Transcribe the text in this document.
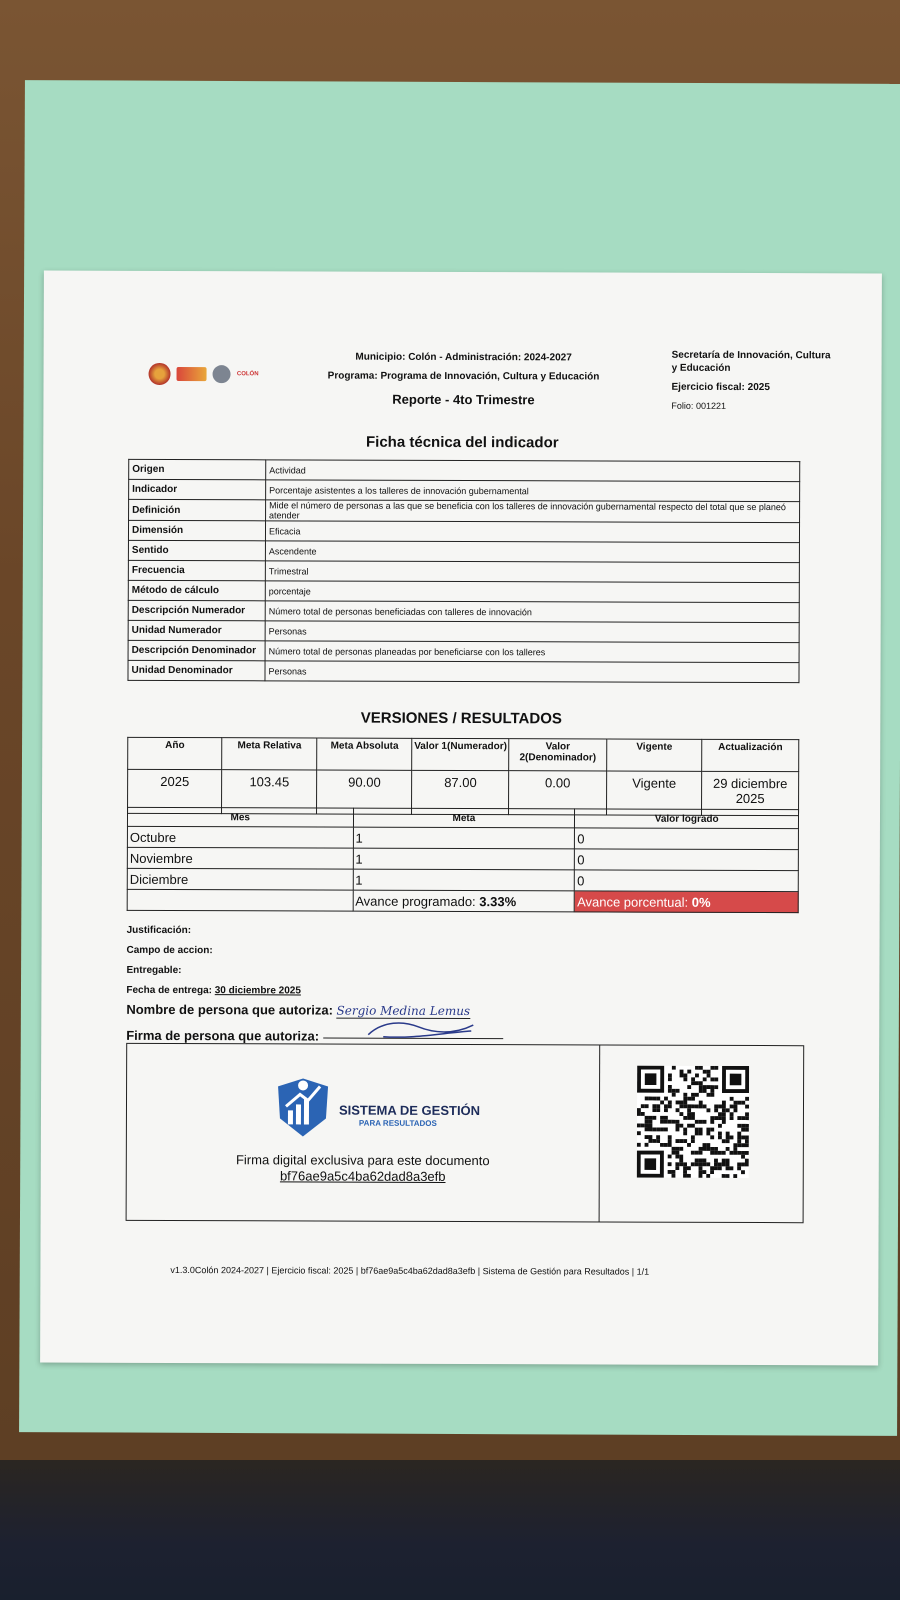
COLÓN
Municipio: Colón - Administración: 2024-2027
Programa: Programa de Innovación, Cultura y Educación
Reporte - 4to Trimestre
Secretaría de Innovación, Cultura y Educación
Ejercicio fiscal: 2025
Folio: 001221
Ficha técnica del indicador
Origen	Actividad
Indicador	Porcentaje asistentes a los talleres de innovación gubernamental
Definición	Mide el número de personas a las que se beneficia con los talleres de innovación gubernamental respecto del total que se planeó atender
Dimensión	Eficacia
Sentido	Ascendente
Frecuencia	Trimestral
Método de cálculo	porcentaje
Descripción Numerador	Número total de personas beneficiadas con talleres de innovación
Unidad Numerador	Personas
Descripción Denominador	Número total de personas planeadas por beneficiarse con los talleres
Unidad Denominador	Personas
VERSIONES / RESULTADOS
Año	Meta Relativa	Meta Absoluta	Valor 1(Numerador)	Valor 2(Denominador)	Vigente	Actualización
2025	103.45	90.00	87.00	0.00	Vigente	29 diciembre 2025
Mes	Meta	Valor logrado
Octubre	1	0
Noviembre	1	0
Diciembre	1	0
	Avance programado: 3.33%	Avance porcentual: 0%
Justificación:
Campo de accion:
Entregable:
Fecha de entrega: 30 diciembre 2025
Nombre de persona que autoriza: Sergio Medina Lemus
Firma de persona que autoriza:
SISTEMA DE GESTIÓN
PARA RESULTADOS
Firma digital exclusiva para este documento
bf76ae9a5c4ba62dad8a3efb
v1.3.0Colón 2024-2027 | Ejercicio fiscal: 2025 | bf76ae9a5c4ba62dad8a3efb | Sistema de Gestión para Resultados | 1/1
